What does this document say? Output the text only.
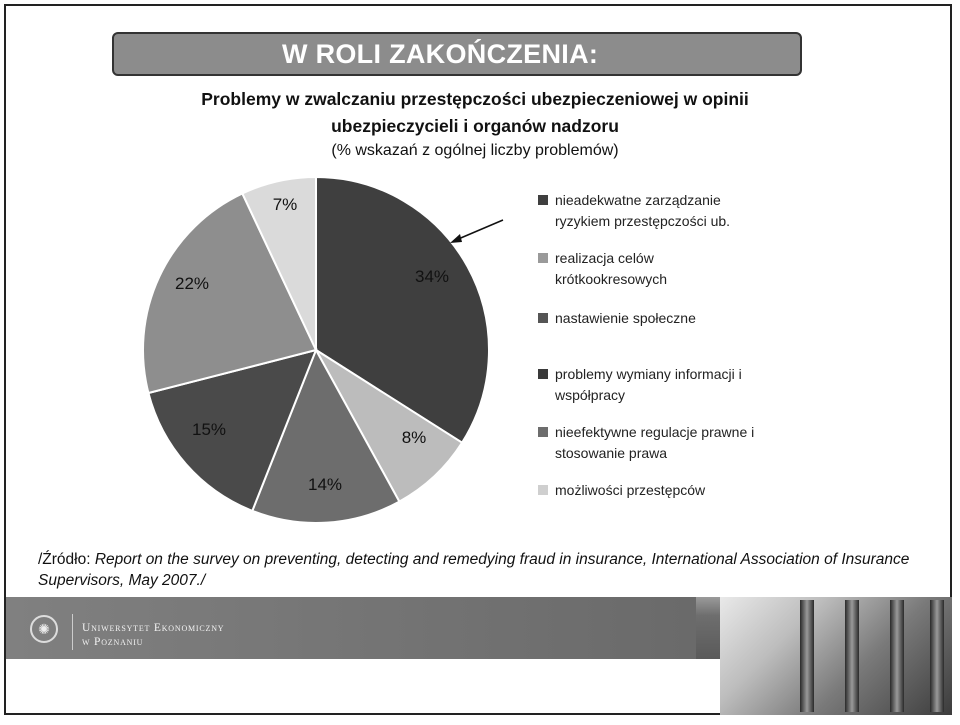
W ROLI ZAKOŃCZENIA:
Problemy w zwalczaniu przestępczości ubezpieczeniowej w opinii
ubezpieczycieli i organów nadzoru
(% wskazań z ogólnej liczby problemów)
34%
8%
14%
15%
22%
7%	nieadekwatne zarządzanie
ryzykiem przestępczości ub.
realizacja celów
krótkookresowych
nastawienie społeczne
problemy wymiany informacji i
współpracy
nieefektywne regulacje prawne i
stosowanie prawa
możliwości przestępców
/Źródło: Report on the survey on preventing, detecting and remedying fraud in insurance, International Association of Insurance Supervisors, May 2007./
✺	Uniwersytet Ekonomiczny
w Poznaniu
